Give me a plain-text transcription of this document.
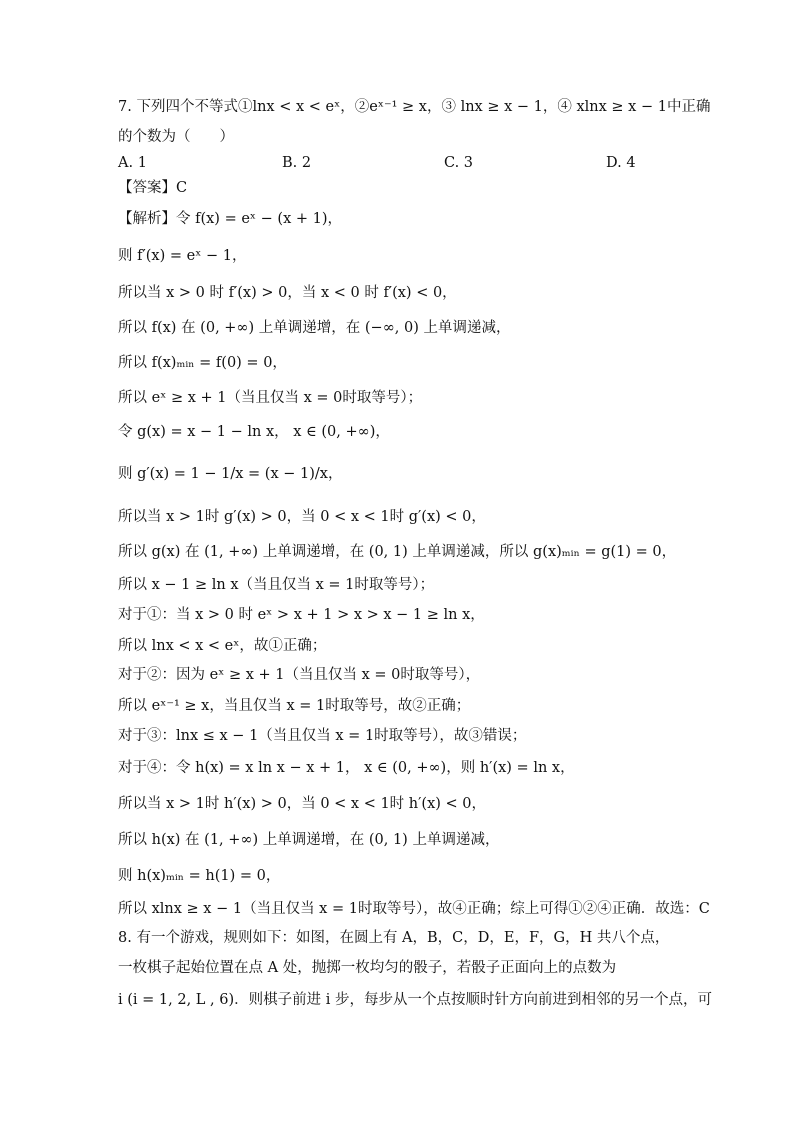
7. 下列四个不等式①lnx < x < eˣ，②eˣ⁻¹ ≥ x，③ lnx ≥ x − 1，④ xlnx ≥ x − 1中正确
的个数为（　　）
A. 1	B. 2	C. 3	D. 4
【答案】C
【解析】令 f(x) = eˣ − (x + 1)，
则 f′(x) = eˣ − 1，
所以当 x > 0 时 f′(x) > 0，当 x < 0 时 f′(x) < 0，
所以 f(x) 在 (0, +∞) 上单调递增，在 (−∞, 0) 上单调递减，
所以 f(x)ₘᵢₙ = f(0) = 0，
所以 eˣ ≥ x + 1（当且仅当 x = 0时取等号）；
令 g(x) = x − 1 − ln x， x ∈ (0, +∞)，
则 g′(x) = 1 − 1/x = (x − 1)/x，
所以当 x > 1时 g′(x) > 0，当 0 < x < 1时 g′(x) < 0，
所以 g(x) 在 (1, +∞) 上单调递增，在 (0, 1) 上单调递减，所以 g(x)ₘᵢₙ = g(1) = 0，
所以 x − 1 ≥ ln x（当且仅当 x = 1时取等号）；
对于①：当 x > 0 时 eˣ > x + 1 > x > x − 1 ≥ ln x，
所以 lnx < x < eˣ，故①正确；
对于②：因为 eˣ ≥ x + 1（当且仅当 x = 0时取等号），
所以 eˣ⁻¹ ≥ x，当且仅当 x = 1时取等号，故②正确；
对于③：lnx ≤ x − 1（当且仅当 x = 1时取等号），故③错误；
对于④：令 h(x) = x ln x − x + 1， x ∈ (0, +∞)，则 h′(x) = ln x，
所以当 x > 1时 h′(x) > 0，当 0 < x < 1时 h′(x) < 0，
所以 h(x) 在 (1, +∞) 上单调递增，在 (0, 1) 上单调递减，
则 h(x)ₘᵢₙ = h(1) = 0，
所以 xlnx ≥ x − 1（当且仅当 x = 1时取等号），故④正确；综上可得①②④正确．故选：C
8. 有一个游戏，规则如下：如图，在圆上有 A，B，C，D，E，F，G，H 共八个点，
一枚棋子起始位置在点 A 处，抛掷一枚均匀的骰子，若骰子正面向上的点数为
i (i = 1, 2, L , 6)．则棋子前进 i 步，每步从一个点按顺时针方向前进到相邻的另一个点，可
